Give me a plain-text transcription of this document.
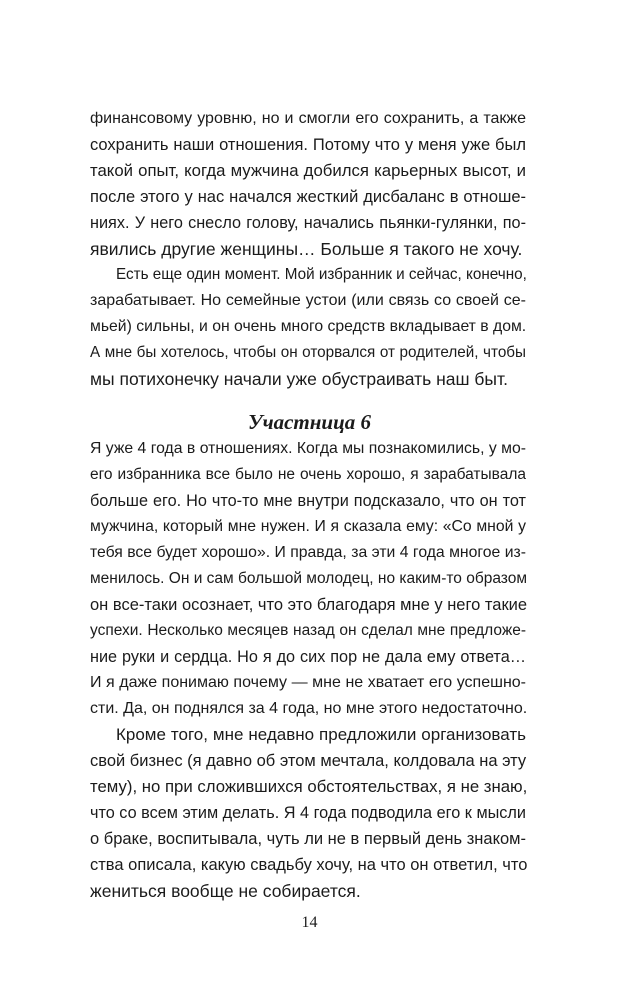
финансовому уровню, но и смогли его сохранить, а также
сохранить наши отношения. Потому что у меня уже был
такой опыт, когда мужчина добился карьерных высот, и
после этого у нас начался жесткий дисбаланс в отноше-
ниях. У него снесло голову, начались пьянки-гулянки, по-
явились другие женщины… Больше я такого не хочу.
Есть еще один момент. Мой избранник и сейчас, конечно,
зарабатывает. Но семейные устои (или связь со своей се-
мьей) сильны, и он очень много средств вкладывает в дом.
А мне бы хотелось, чтобы он оторвался от родителей, чтобы
мы потихонечку начали уже обустраивать наш быт.
Участница 6
Я уже 4 года в отношениях. Когда мы познакомились, у мо-
его избранника все было не очень хорошо, я зарабатывала
больше его. Но что-то мне внутри подсказало, что он тот
мужчина, который мне нужен. И я сказала ему: «Со мной у
тебя все будет хорошо». И правда, за эти 4 года многое из-
менилось. Он и сам большой молодец, но каким-то образом
он все-таки осознает, что это благодаря мне у него такие
успехи. Несколько месяцев назад он сделал мне предложе-
ние руки и сердца. Но я до сих пор не дала ему ответа…
И я даже понимаю почему — мне не хватает его успешно-
сти. Да, он поднялся за 4 года, но мне этого недостаточно.
Кроме того, мне недавно предложили организовать
свой бизнес (я давно об этом мечтала, колдовала на эту
тему), но при сложившихся обстоятельствах, я не знаю,
что со всем этим делать. Я 4 года подводила его к мысли
о браке, воспитывала, чуть ли не в первый день знаком-
ства описала, какую свадьбу хочу, на что он ответил, что
жениться вообще не собирается.
14
